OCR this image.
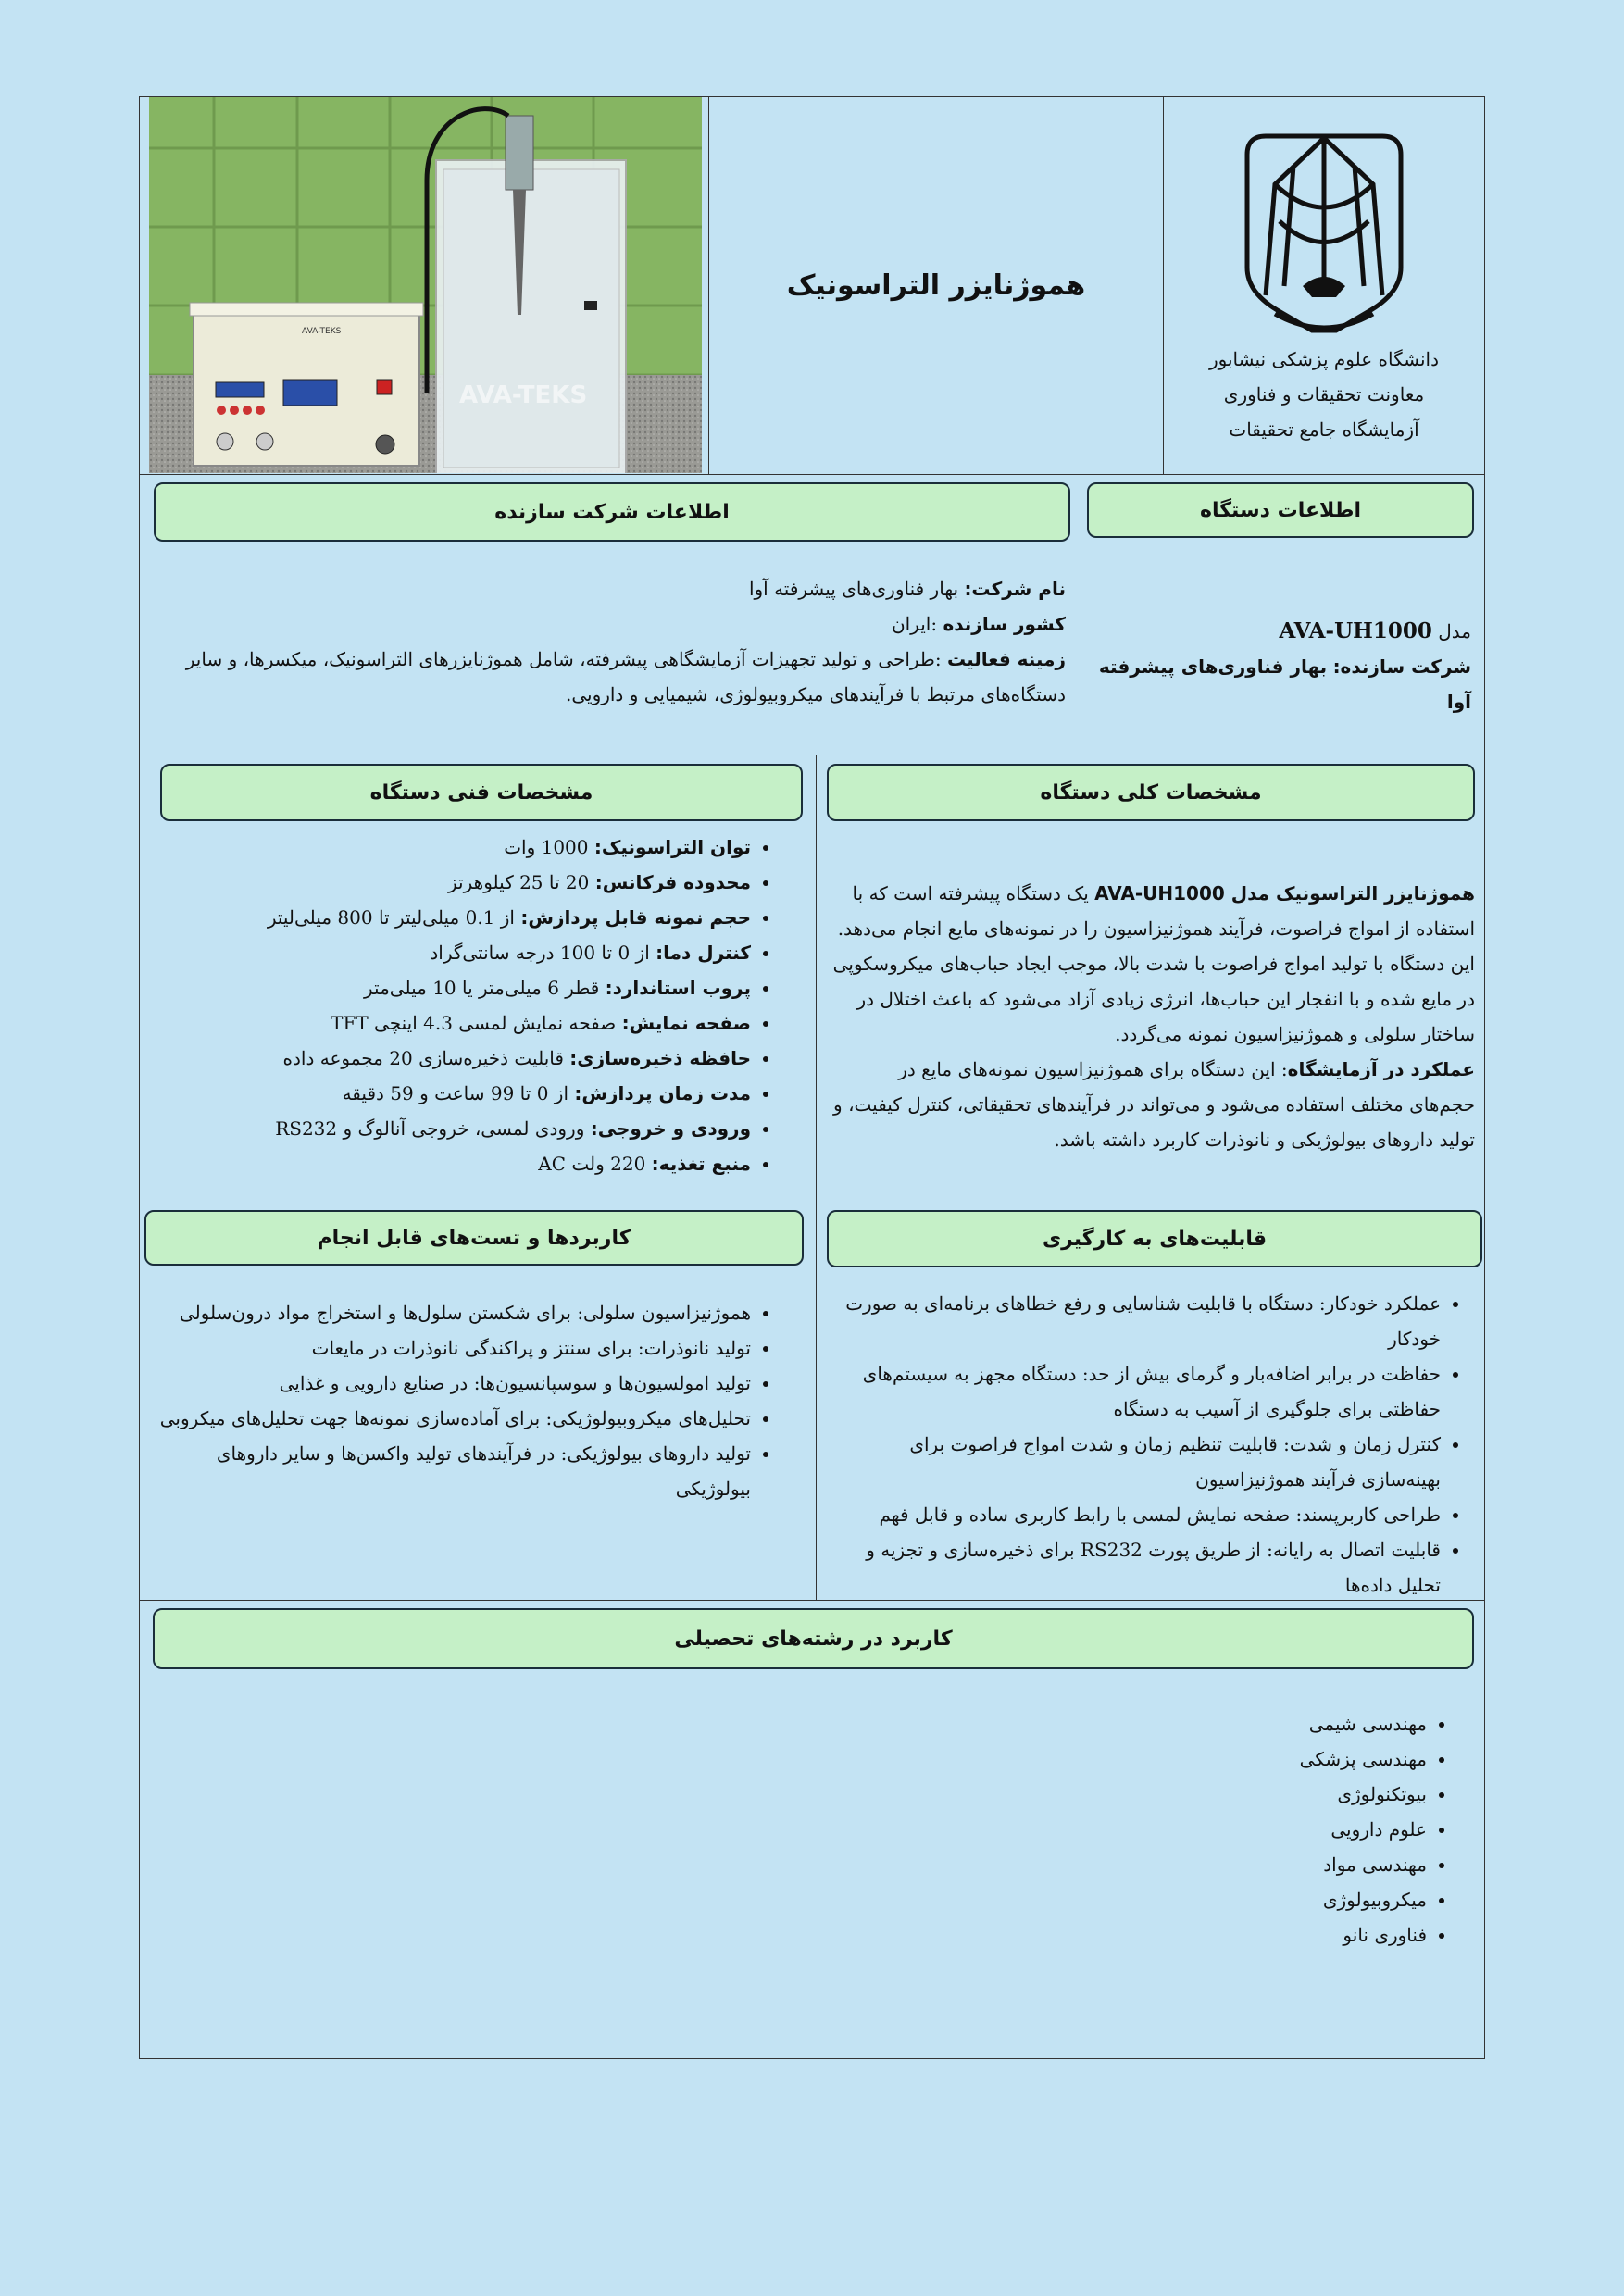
AVA-TEKS
AVA-TEKS
هموژنایزر التراسونیک
دانشگاه علوم پزشکی نیشابور
معاونت تحقیقات و فناوری
آزمایشگاه جامع تحقیقات
اطلاعات شرکت سازنده	اطلاعات دستگاه
نام شرکت: بهار فناوری‌های پیشرفته آوا
کشور سازنده :ایران
زمینه فعالیت :طراحی و تولید تجهیزات آزمایشگاهی پیشرفته، شامل هموژنایزرهای التراسونیک، میکسرها، و سایر دستگاه‌های مرتبط با فرآیندهای میکروبیولوژی، شیمیایی و دارویی.
مدل AVA-UH1000
شرکت سازنده: بهار فناوری‌های پیشرفته آوا
مشخصات فنی دستگاه	مشخصات کلی دستگاه
• توان التراسونیک: 1000 وات
• محدوده فرکانس: 20 تا 25 کیلوهرتز
• حجم نمونه قابل پردازش: از 0.1 میلی‌لیتر تا 800 میلی‌لیتر
• کنترل دما: از 0 تا 100 درجه سانتی‌گراد
• پروب استاندارد: قطر 6 میلی‌متر یا 10 میلی‌متر
• صفحه نمایش: صفحه نمایش لمسی 4.3 اینچی TFT
• حافظه ذخیره‌سازی: قابلیت ذخیره‌سازی 20 مجموعه داده
• مدت زمان پردازش: از 0 تا 99 ساعت و 59 دقیقه
• ورودی و خروجی: ورودی لمسی، خروجی آنالوگ و RS232
• منبع تغذیه: 220 ولت AC
هموژنایزر التراسونیک مدل AVA-UH1000 یک دستگاه پیشرفته است که با استفاده از امواج فراصوت، فرآیند هموژنیزاسیون را در نمونه‌های مایع انجام می‌دهد. این دستگاه با تولید امواج فراصوت با شدت بالا، موجب ایجاد حباب‌های میکروسکوپی در مایع شده و با انفجار این حباب‌ها، انرژی زیادی آزاد می‌شود که باعث اختلال در ساختار سلولی و هموژنیزاسیون نمونه می‌گردد.
عملکرد در آزمایشگاه: این دستگاه برای هموژنیزاسیون نمونه‌های مایع در حجم‌های مختلف استفاده می‌شود و می‌تواند در فرآیندهای تحقیقاتی، کنترل کیفیت، و تولید داروهای بیولوژیکی و نانوذرات کاربرد داشته باشد.
کاربردها و تست‌های قابل انجام	قابلیت‌های به کارگیری
• هموژنیزاسیون سلولی: برای شکستن سلول‌ها و استخراج مواد درون‌سلولی
• تولید نانوذرات: برای سنتز و پراکندگی نانوذرات در مایعات
• تولید امولسیون‌ها و سوسپانسیون‌ها: در صنایع دارویی و غذایی
• تحلیل‌های میکروبیولوژیکی: برای آماده‌سازی نمونه‌ها جهت تحلیل‌های میکروبی
• تولید داروهای بیولوژیکی: در فرآیندهای تولید واکسن‌ها و سایر داروهای بیولوژیکی
• عملکرد خودکار: دستگاه با قابلیت شناسایی و رفع خطاهای برنامه‌ای به صورت خودکار
• حفاظت در برابر اضافه‌بار و گرمای بیش از حد: دستگاه مجهز به سیستم‌های حفاظتی برای جلوگیری از آسیب به دستگاه
• کنترل زمان و شدت: قابلیت تنظیم زمان و شدت امواج فراصوت برای بهینه‌سازی فرآیند هموژنیزاسیون
• طراحی کاربرپسند: صفحه نمایش لمسی با رابط کاربری ساده و قابل فهم
• قابلیت اتصال به رایانه: از طریق پورت RS232 برای ذخیره‌سازی و تجزیه و تحلیل داده‌ها
کاربرد در رشته‌های تحصیلی
• مهندسی شیمی
• مهندسی پزشکی
• بیوتکنولوژی
• علوم دارویی
• مهندسی مواد
• میکروبیولوژی
• فناوری نانو
